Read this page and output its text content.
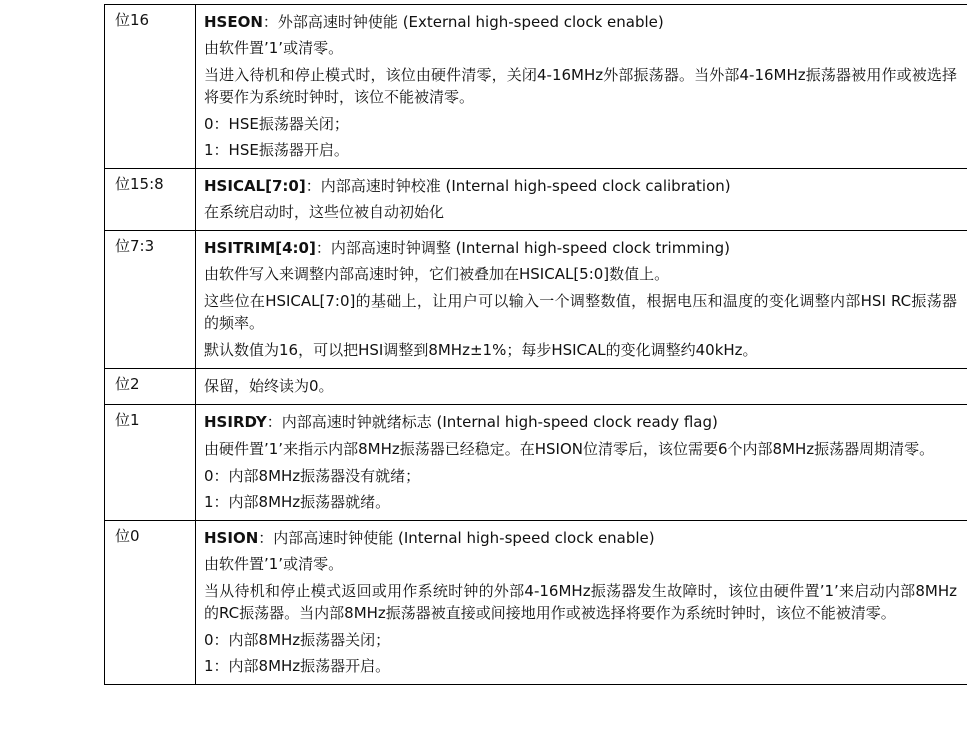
位16	HSEON：外部高速时钟使能 (External high-speed clock enable)
由软件置’1’或清零。
当进入待机和停止模式时，该位由硬件清零，关闭4-16MHz外部振荡器。当外部4-16MHz振荡器被用作或被选择将要作为系统时钟时，该位不能被清零。
0：HSE振荡器关闭；
1：HSE振荡器开启。
位15:8	HSICAL[7:0]：内部高速时钟校准 (Internal high-speed clock calibration)
在系统启动时，这些位被自动初始化
位7:3	HSITRIM[4:0]：内部高速时钟调整 (Internal high-speed clock trimming)
由软件写入来调整内部高速时钟，它们被叠加在HSICAL[5:0]数值上。
这些位在HSICAL[7:0]的基础上，让用户可以输入一个调整数值，根据电压和温度的变化调整内部HSI RC振荡器的频率。
默认数值为16，可以把HSI调整到8MHz±1%；每步HSICAL的变化调整约40kHz。
位2	保留，始终读为0。
位1	HSIRDY：内部高速时钟就绪标志 (Internal high-speed clock ready flag)
由硬件置’1’来指示内部8MHz振荡器已经稳定。在HSION位清零后，该位需要6个内部8MHz振荡器周期清零。
0：内部8MHz振荡器没有就绪；
1：内部8MHz振荡器就绪。
位0	HSION：内部高速时钟使能 (Internal high-speed clock enable)
由软件置’1’或清零。
当从待机和停止模式返回或用作系统时钟的外部4-16MHz振荡器发生故障时，该位由硬件置’1’来启动内部8MHz的RC振荡器。当内部8MHz振荡器被直接或间接地用作或被选择将要作为系统时钟时，该位不能被清零。
0：内部8MHz振荡器关闭；
1：内部8MHz振荡器开启。
